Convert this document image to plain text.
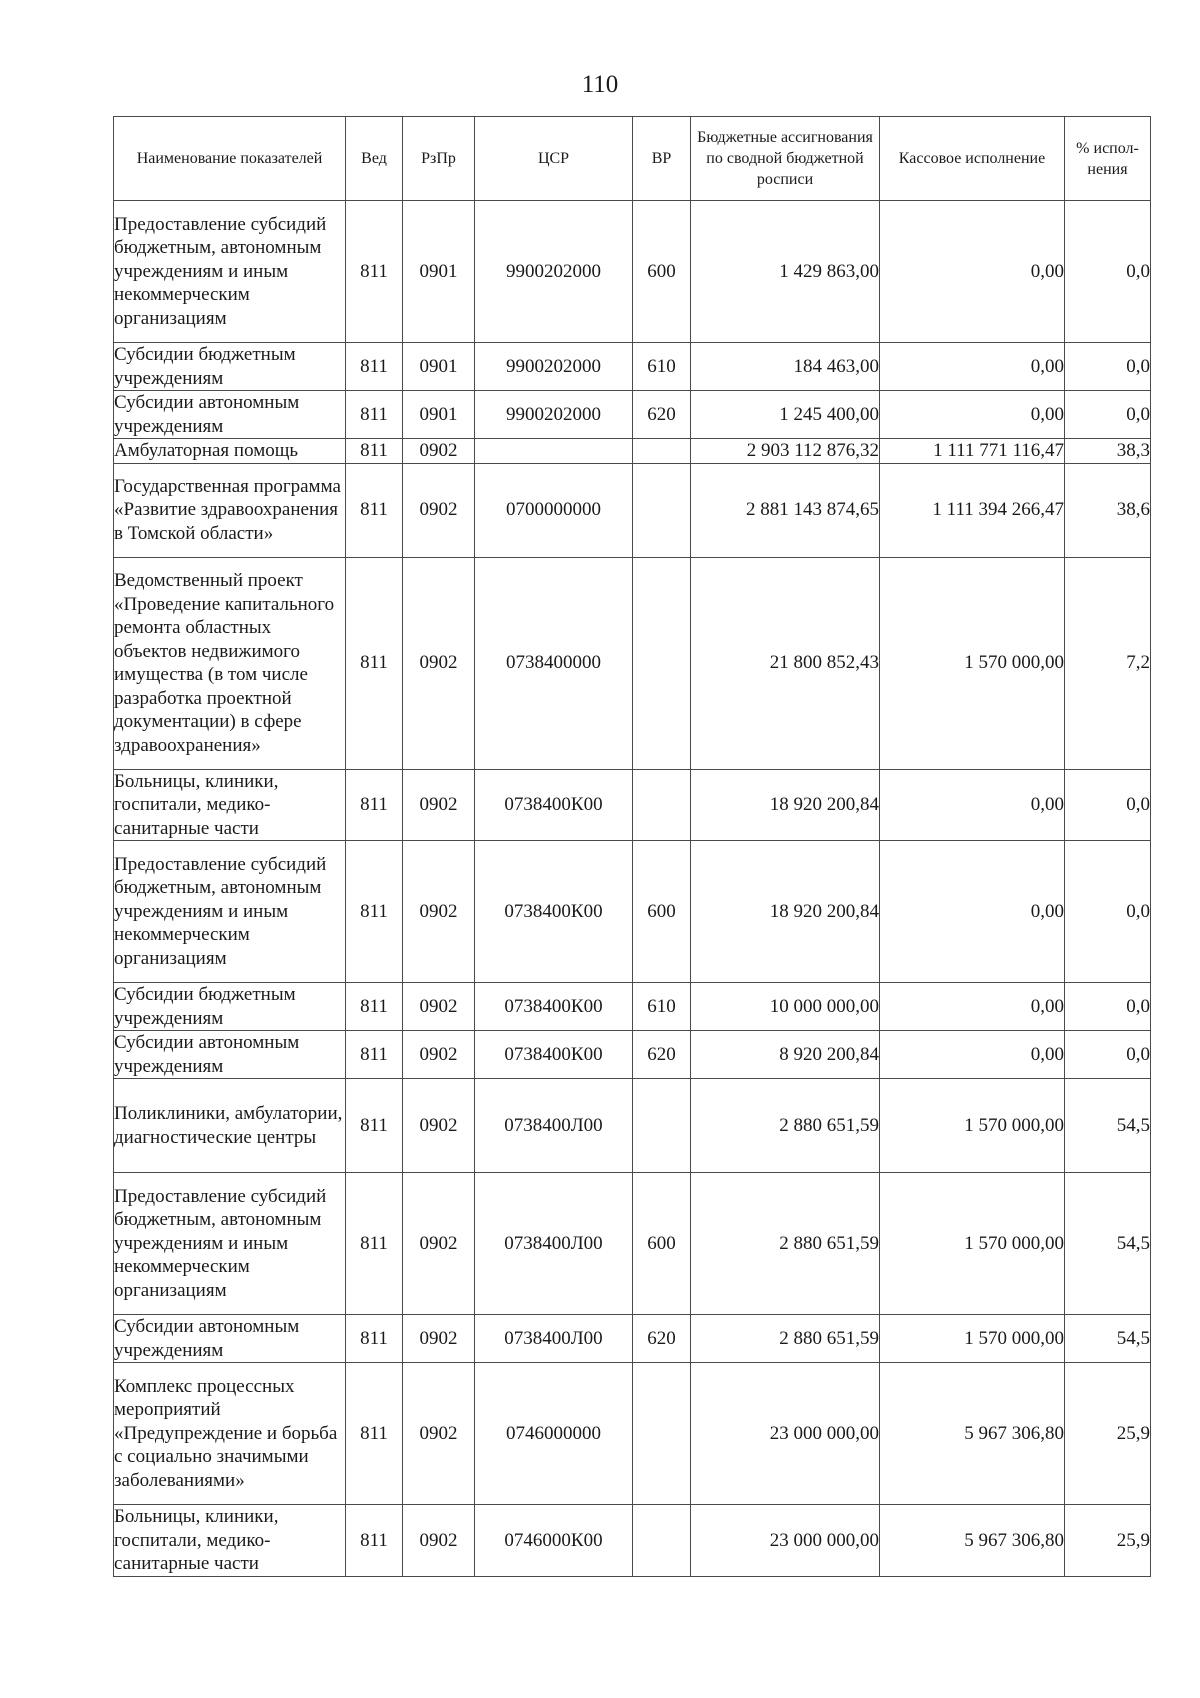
110
Наименование показателей	Вед	РзПр	ЦСР	ВР	Бюджетные ассигнования по сводной бюджетной росписи	Кассовое исполнение	% испол-нения
Предоставление субсидий бюджетным, автономным учреждениям и иным некоммерческим организациям	811	0901	9900202000	600	1 429 863,00	0,00	0,0
Субсидии бюджетным учреждениям	811	0901	9900202000	610	184 463,00	0,00	0,0
Субсидии автономным учреждениям	811	0901	9900202000	620	1 245 400,00	0,00	0,0
Амбулаторная помощь	811	0902			2 903 112 876,32	1 111 771 116,47	38,3
Государственная программа «Развитие здравоохранения в Томской области»	811	0902	0700000000		2 881 143 874,65	1 111 394 266,47	38,6
Ведомственный проект «Проведение капитального ремонта областных объектов недвижимого имущества (в том числе разработка проектной документации) в сфере здравоохранения»	811	0902	0738400000		21 800 852,43	1 570 000,00	7,2
Больницы, клиники, госпитали, медико-санитарные части	811	0902	0738400К00		18 920 200,84	0,00	0,0
Предоставление субсидий бюджетным, автономным учреждениям и иным некоммерческим организациям	811	0902	0738400К00	600	18 920 200,84	0,00	0,0
Субсидии бюджетным учреждениям	811	0902	0738400К00	610	10 000 000,00	0,00	0,0
Субсидии автономным учреждениям	811	0902	0738400К00	620	8 920 200,84	0,00	0,0
Поликлиники, амбулатории, диагностические центры	811	0902	0738400Л00		2 880 651,59	1 570 000,00	54,5
Предоставление субсидий бюджетным, автономным учреждениям и иным некоммерческим организациям	811	0902	0738400Л00	600	2 880 651,59	1 570 000,00	54,5
Субсидии автономным учреждениям	811	0902	0738400Л00	620	2 880 651,59	1 570 000,00	54,5
Комплекс процессных мероприятий «Предупреждение и борьба с социально значимыми заболеваниями»	811	0902	0746000000		23 000 000,00	5 967 306,80	25,9
Больницы, клиники, госпитали, медико-санитарные части	811	0902	0746000К00		23 000 000,00	5 967 306,80	25,9
